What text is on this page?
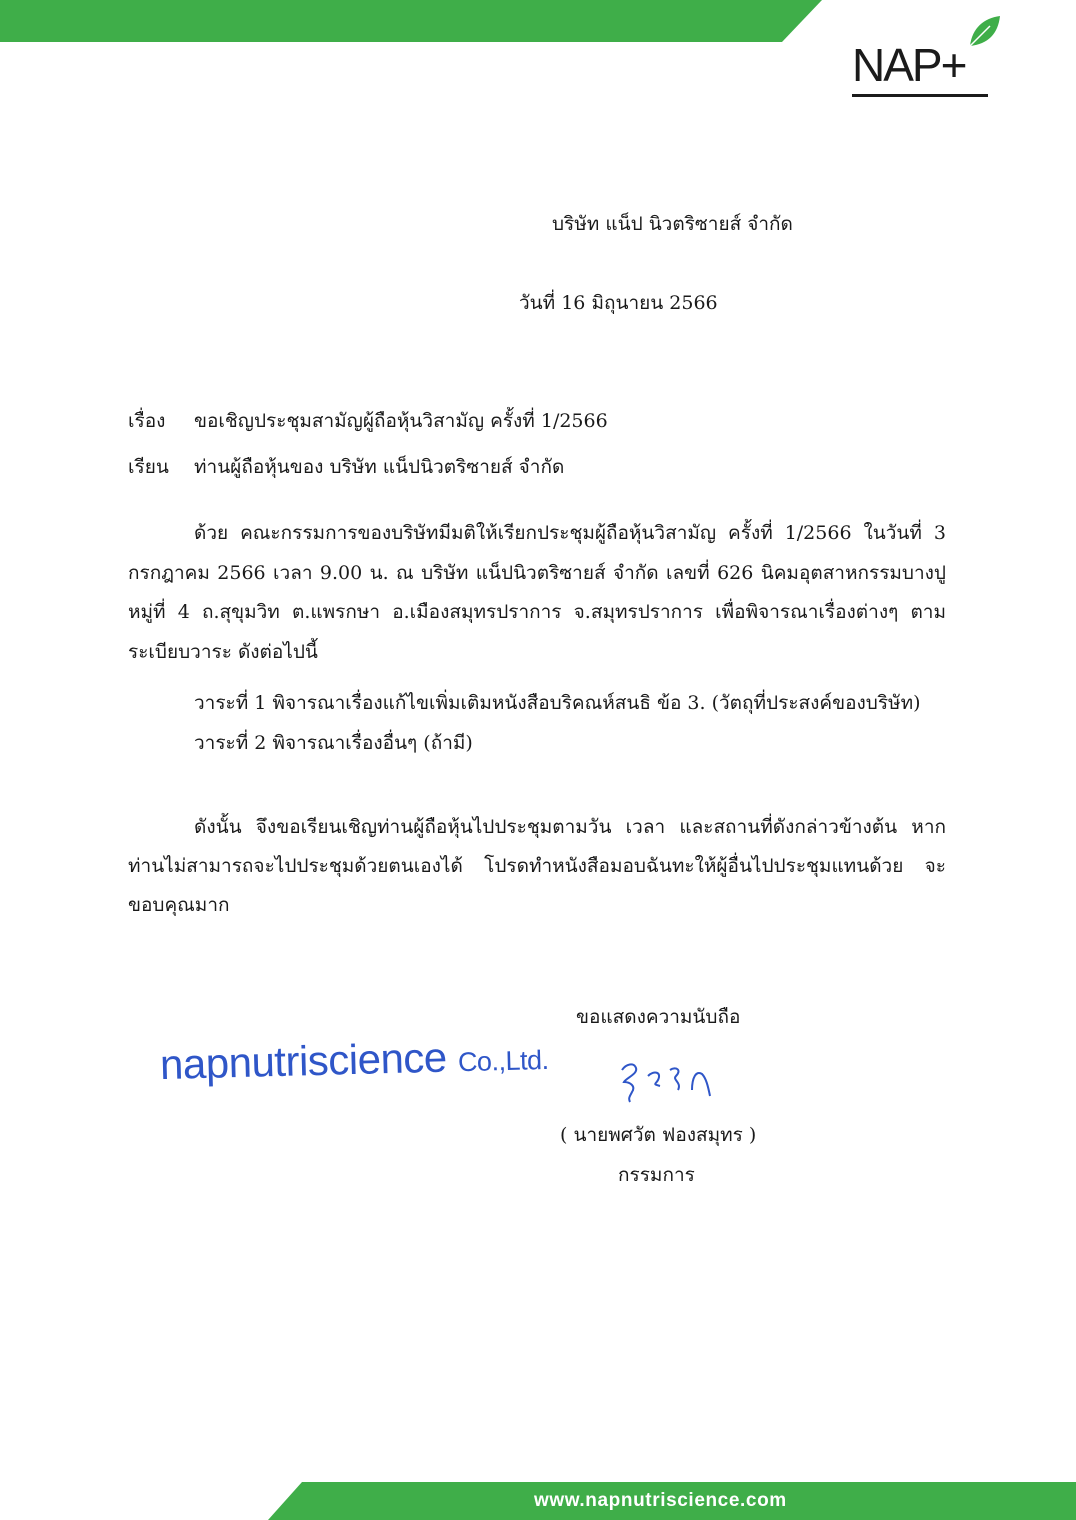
NAP+
บริษัท แน็ป นิวตริซายส์ จำกัด
วันที่ 16 มิถุนายน 2566
เรื่อง ขอเชิญประชุมสามัญผู้ถือหุ้นวิสามัญ ครั้งที่ 1/2566
เรียน ท่านผู้ถือหุ้นของ บริษัท แน็ปนิวตริซายส์ จำกัด
ด้วย คณะกรรมการของบริษัทมีมติให้เรียกประชุมผู้ถือหุ้นวิสามัญ ครั้งที่ 1/2566 ในวันที่ 3 กรกฎาคม 2566 เวลา 9.00 น. ณ บริษัท แน็ปนิวตริซายส์ จำกัด เลขที่ 626 นิคมอุตสาหกรรมบางปู หมู่ที่ 4 ถ.สุขุมวิท ต.แพรกษา อ.เมืองสมุทรปราการ จ.สมุทรปราการ เพื่อพิจารณาเรื่องต่างๆ ตามระเบียบวาระ ดังต่อไปนี้
วาระที่ 1 พิจารณาเรื่องแก้ไขเพิ่มเติมหนังสือบริคณห์สนธิ ข้อ 3. (วัตถุที่ประสงค์ของบริษัท)
วาระที่ 2 พิจารณาเรื่องอื่นๆ (ถ้ามี)
ดังนั้น จึงขอเรียนเชิญท่านผู้ถือหุ้นไปประชุมตามวัน เวลา และสถานที่ดังกล่าวข้างต้น หากท่านไม่สามารถจะไปประชุมด้วยตนเองได้ โปรดทำหนังสือมอบฉันทะให้ผู้อื่นไปประชุมแทนด้วย จะขอบคุณมาก
ขอแสดงความนับถือ
napnutriscience Co.,Ltd.
( นายพศวัต ฟองสมุทร )
กรรมการ
www.napnutriscience.com
